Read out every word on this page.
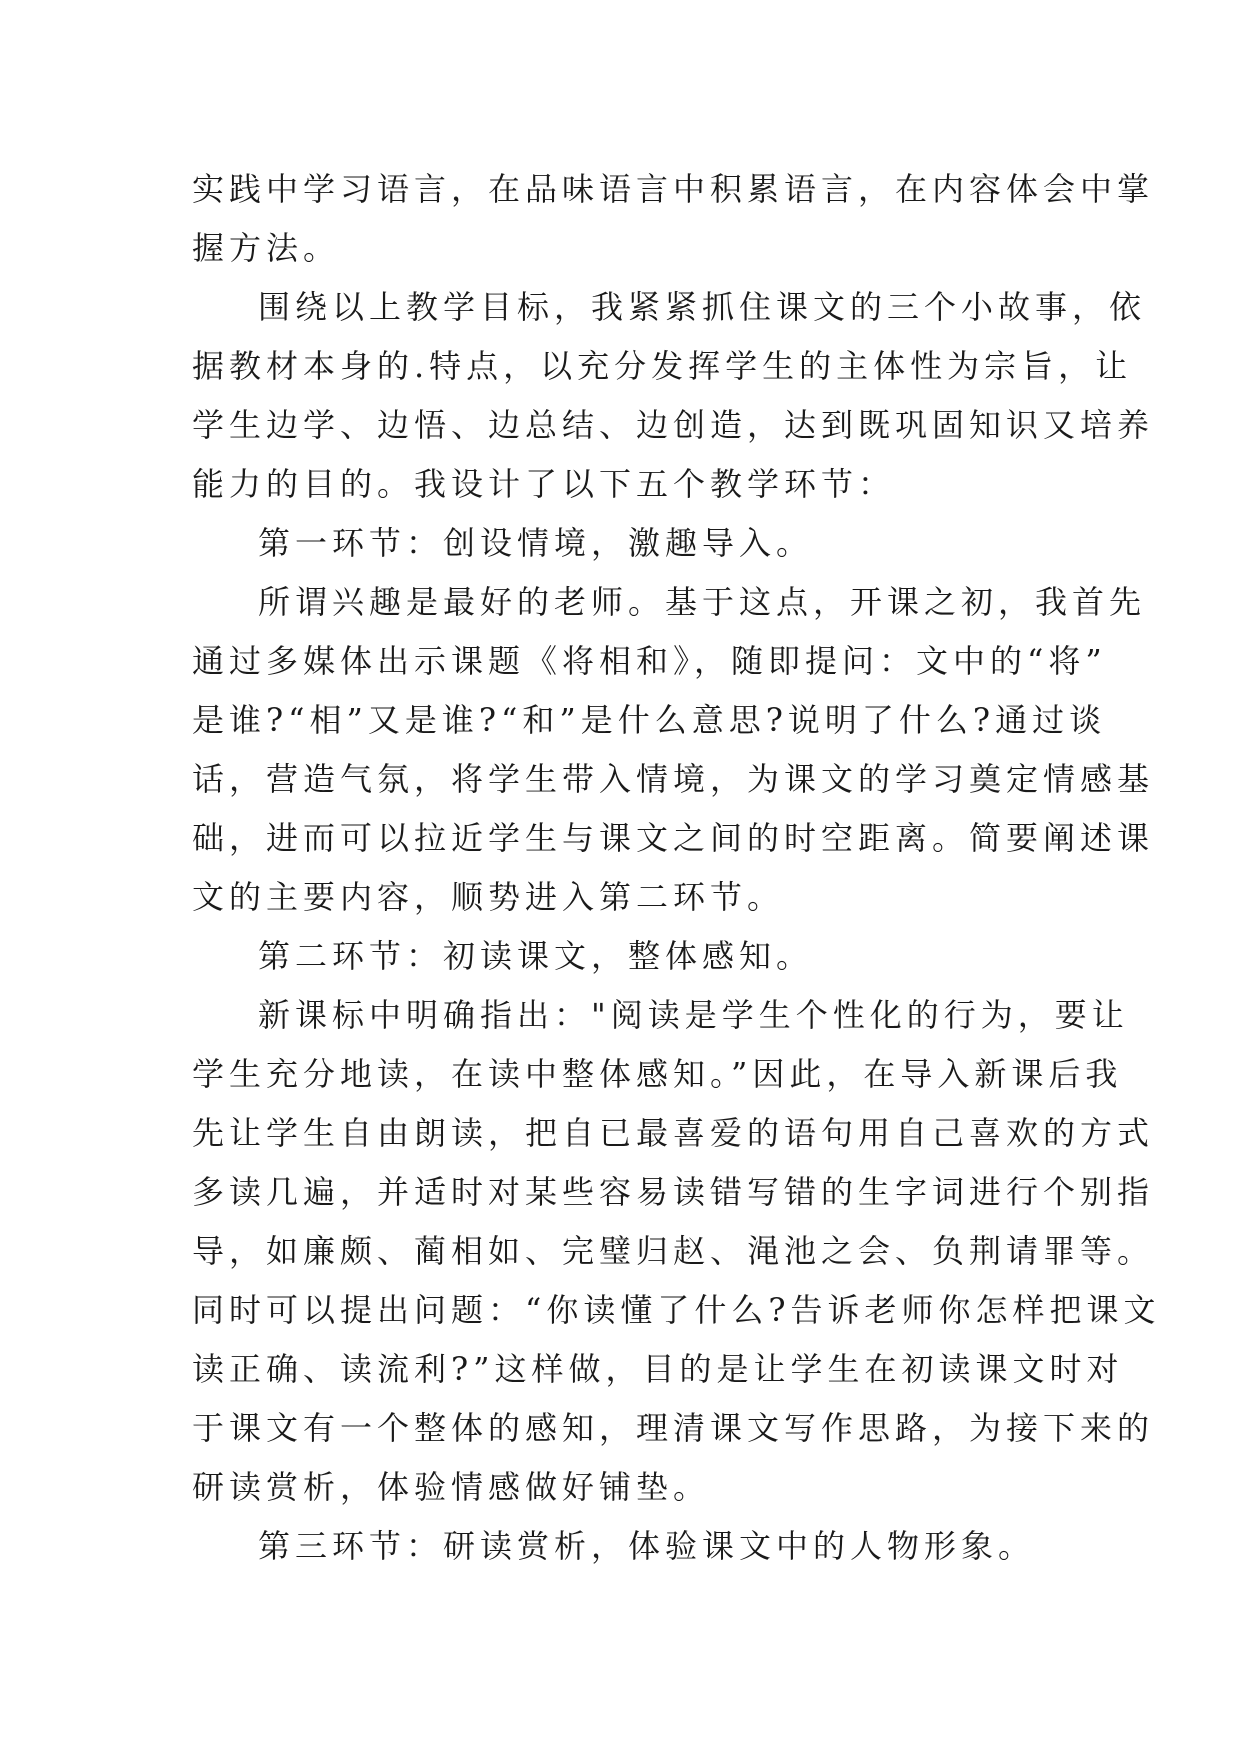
实践中学习语言，在品味语言中积累语言，在内容体会中掌
握方法。
围绕以上教学目标，我紧紧抓住课文的三个小故事，依
据教材本身的.特点，以充分发挥学生的主体性为宗旨，让
学生边学、边悟、边总结、边创造，达到既巩固知识又培养
能力的目的。我设计了以下五个教学环节：
第一环节：创设情境，激趣导入。
所谓兴趣是最好的老师。基于这点，开课之初，我首先
通过多媒体出示课题《将相和》，随即提问：文中的“将”
是谁?“相”又是谁?“和”是什么意思?说明了什么?通过谈
话，营造气氛，将学生带入情境，为课文的学习奠定情感基
础，进而可以拉近学生与课文之间的时空距离。简要阐述课
文的主要内容，顺势进入第二环节。
第二环节：初读课文，整体感知。
新课标中明确指出："阅读是学生个性化的行为，要让
学生充分地读，在读中整体感知。”因此，在导入新课后我
先让学生自由朗读，把自已最喜爱的语句用自己喜欢的方式
多读几遍，并适时对某些容易读错写错的生字词进行个别指
导，如廉颇、蔺相如、完璧归赵、渑池之会、负荆请罪等。
同时可以提出问题：“你读懂了什么?告诉老师你怎样把课文
读正确、读流利?”这样做，目的是让学生在初读课文时对
于课文有一个整体的感知，理清课文写作思路，为接下来的
研读赏析，体验情感做好铺垫。
第三环节：研读赏析，体验课文中的人物形象。
